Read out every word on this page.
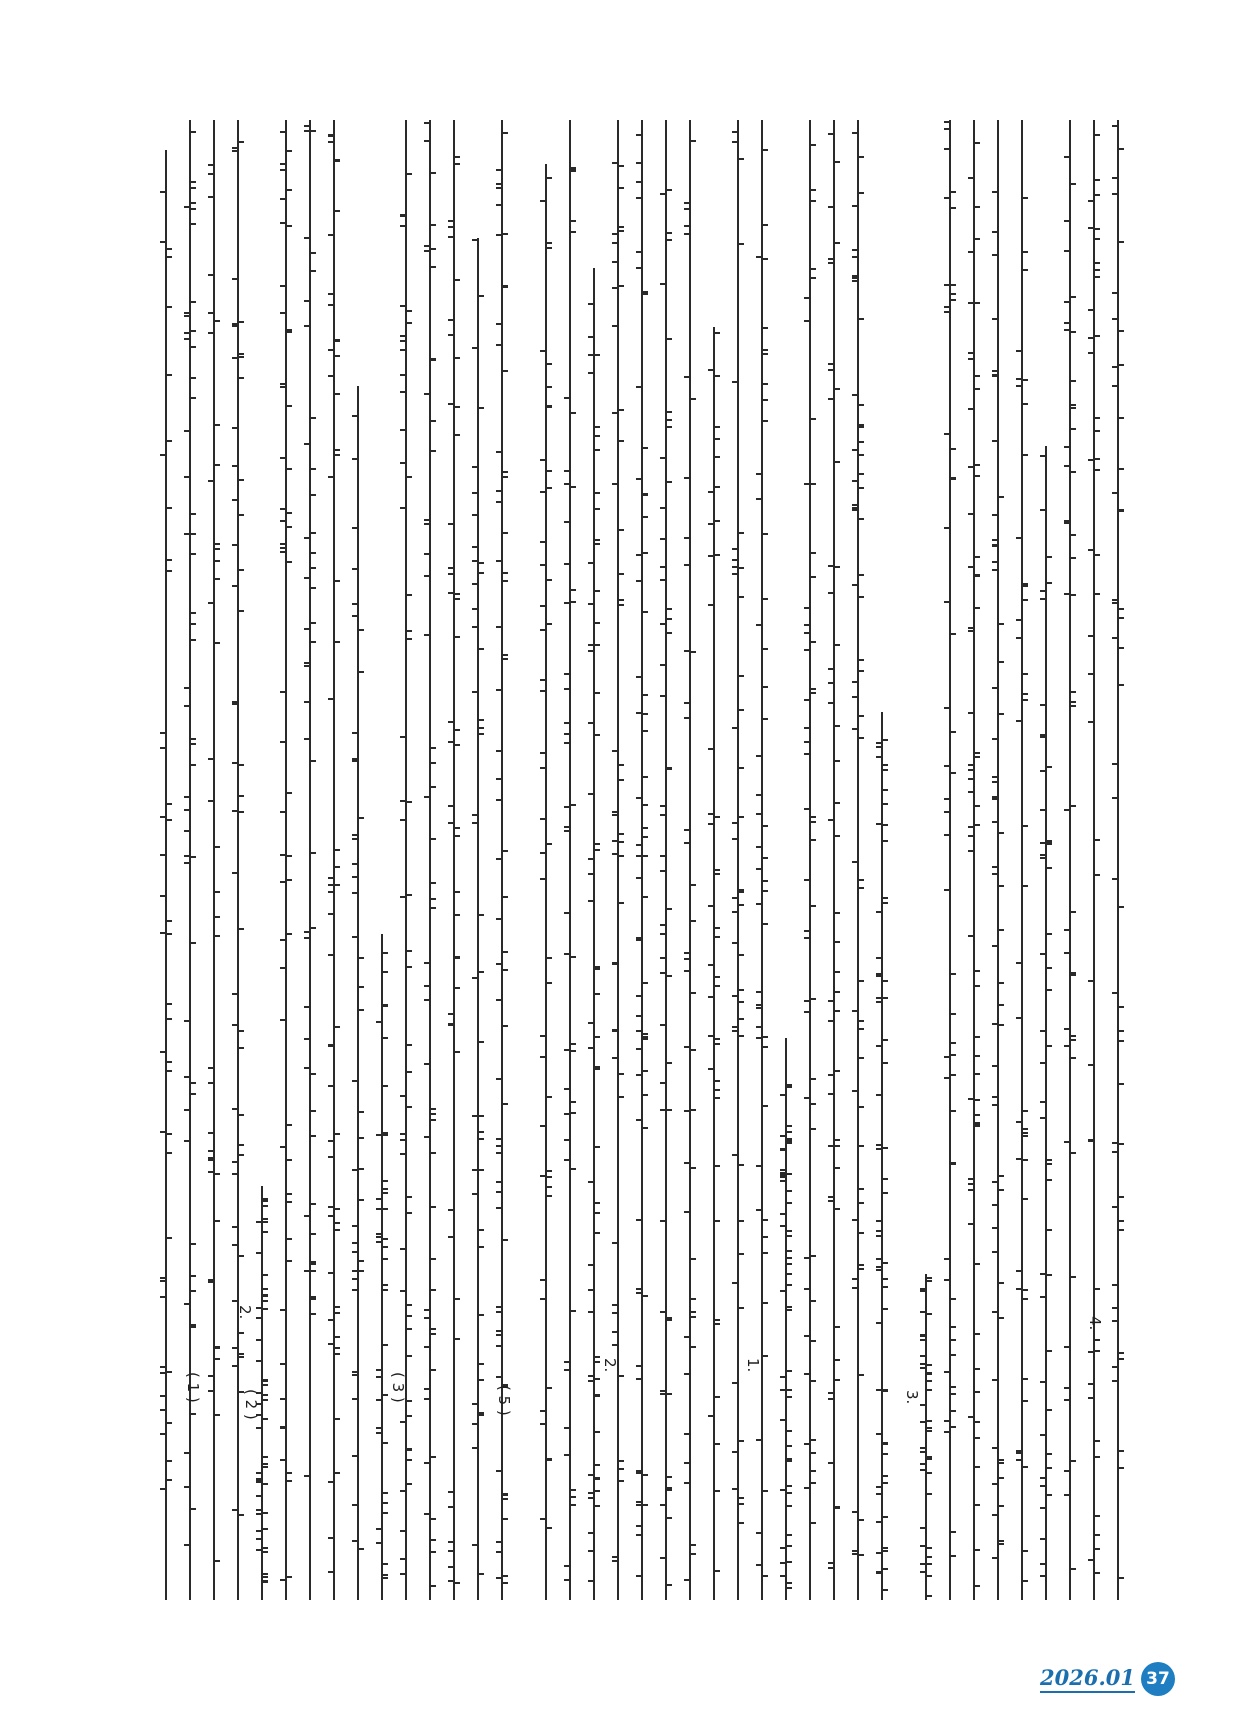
( 5 )
( 3 )
( 2 )
( 1 )
2.
1.
2.
3.
4.
2026.01 37
